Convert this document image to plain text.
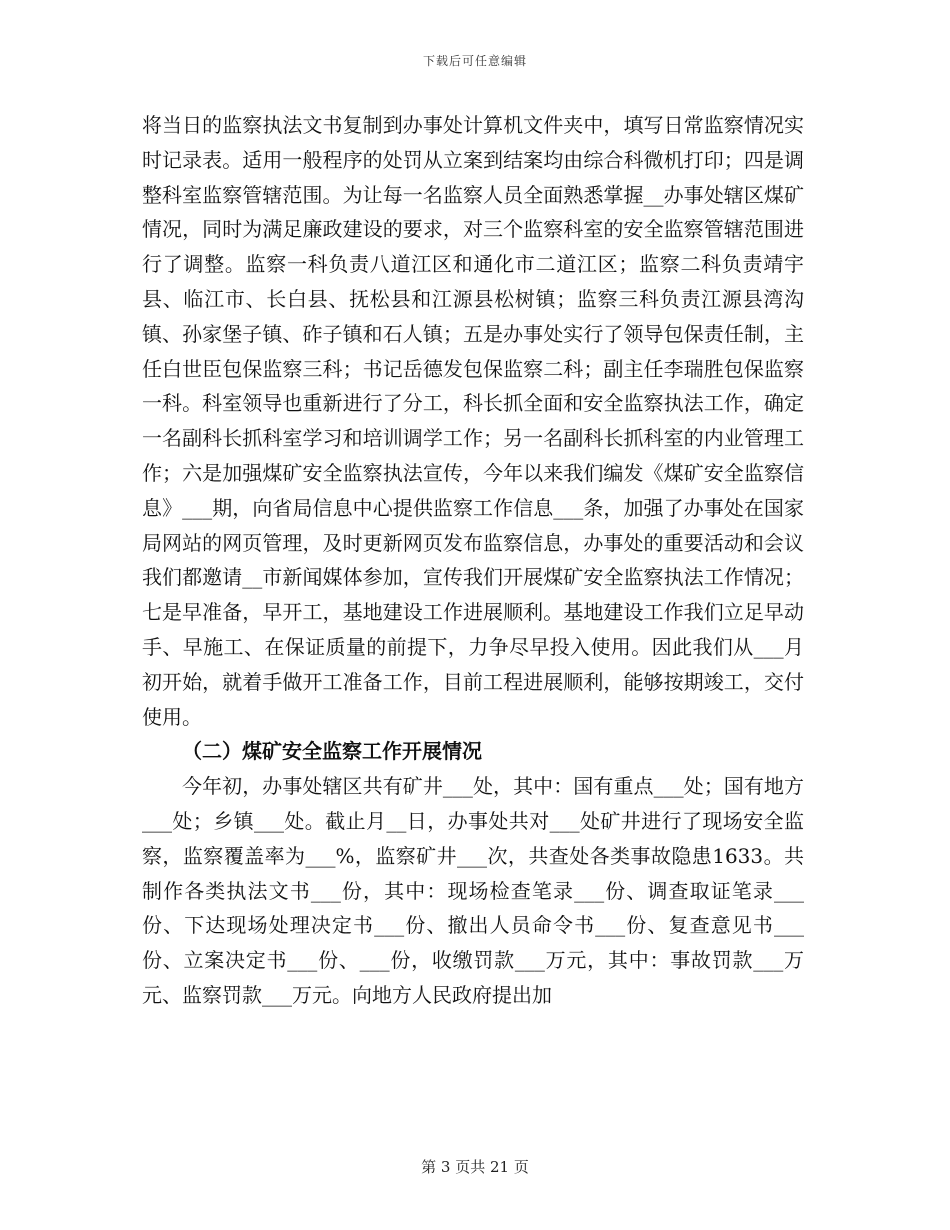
下载后可任意编辑

将当日的监察执法文书复制到办事处计算机文件夹中，填写日常监察情况实时记录表。适用一般程序的处罚从立案到结案均由综合科微机打印；四是调整科室监察管辖范围。为让每一名监察人员全面熟悉掌握__办事处辖区煤矿情况，同时为满足廉政建设的要求，对三个监察科室的安全监察管辖范围进行了调整。监察一科负责八道江区和通化市二道江区；监察二科负责靖宇县、临江市、长白县、抚松县和江源县松树镇；监察三科负责江源县湾沟镇、孙家堡子镇、砟子镇和石人镇；五是办事处实行了领导包保责任制，主任白世臣包保监察三科；书记岳德发包保监察二科；副主任李瑞胜包保监察一科。科室领导也重新进行了分工，科长抓全面和安全监察执法工作，确定一名副科长抓科室学习和培训调学工作；另一名副科长抓科室的内业管理工作；六是加强煤矿安全监察执法宣传，今年以来我们编发《煤矿安全监察信息》___期，向省局信息中心提供监察工作信息___条，加强了办事处在国家局网站的网页管理，及时更新网页发布监察信息，办事处的重要活动和会议我们都邀请__市新闻媒体参加，宣传我们开展煤矿安全监察执法工作情况；七是早准备，早开工，基地建设工作进展顺利。基地建设工作我们立足早动手、早施工、在保证质量的前提下，力争尽早投入使用。因此我们从___月初开始，就着手做开工准备工作，目前工程进展顺利，能够按期竣工，交付使用。

（二）煤矿安全监察工作开展情况

今年初，办事处辖区共有矿井___处，其中：国有重点___处；国有地方___处；乡镇___处。截止月__日，办事处共对___处矿井进行了现场安全监察，监察覆盖率为___%，监察矿井___次，共查处各类事故隐患1633。共制作各类执法文书___份，其中：现场检查笔录___份、调查取证笔录___份、下达现场处理决定书___份、撤出人员命令书___份、复查意见书___份、立案决定书___份、___份，收缴罚款___万元，其中：事故罚款___万元、监察罚款___万元。向地方人民政府提出加

第 3 页共 21 页
